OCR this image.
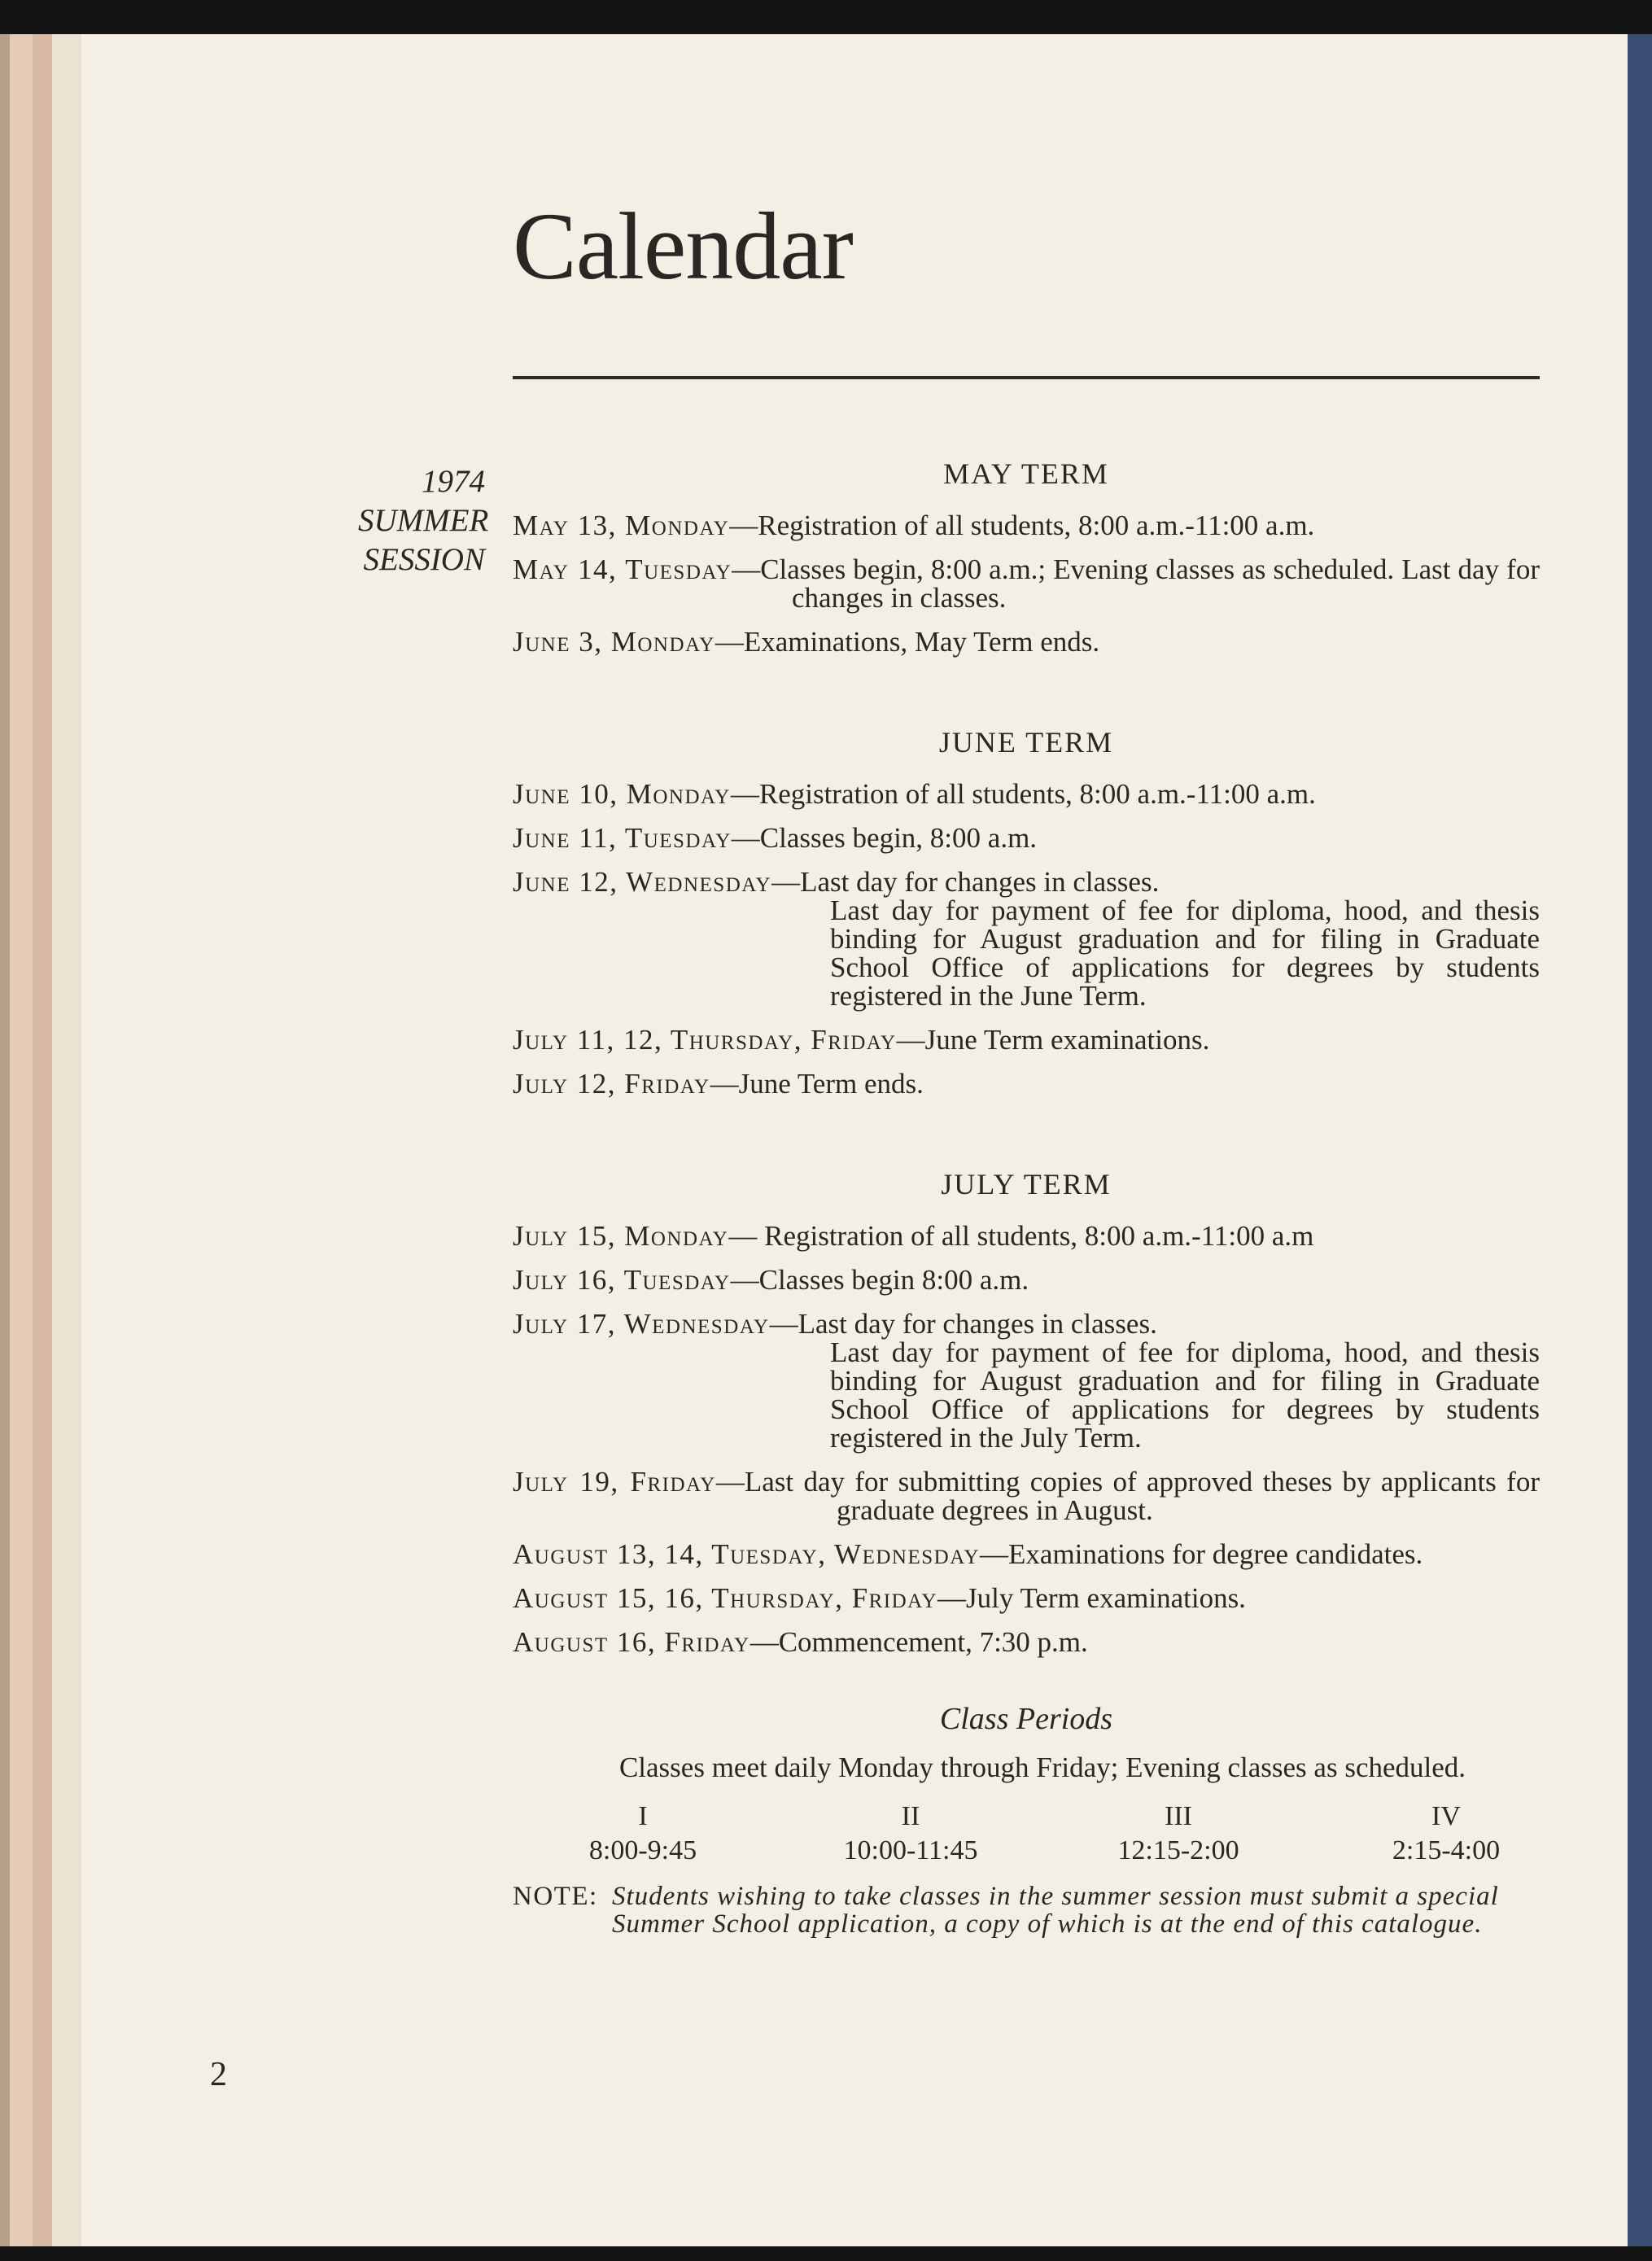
Calendar
1974
SUMMER
SESSION
MAY TERM
May 13, Monday—Registration of all students, 8:00 a.m.-11:00 a.m.
May 14, Tuesday—Classes begin, 8:00 a.m.; Evening classes as scheduled. Last day for changes in classes.
June 3, Monday—Examinations, May Term ends.
JUNE TERM
June 10, Monday—Registration of all students, 8:00 a.m.-11:00 a.m.
June 11, Tuesday—Classes begin, 8:00 a.m.
June 12, Wednesday—Last day for changes in classes.
Last day for payment of fee for diploma, hood, and thesis binding for August graduation and for filing in Graduate School Office of applications for degrees by students registered in the June Term.
July 11, 12, Thursday, Friday—June Term examinations.
July 12, Friday—June Term ends.
JULY TERM
July 15, Monday— Registration of all students, 8:00 a.m.-11:00 a.m
July 16, Tuesday—Classes begin 8:00 a.m.
July 17, Wednesday—Last day for changes in classes.
Last day for payment of fee for diploma, hood, and thesis binding for August graduation and for filing in Graduate School Office of applications for degrees by students registered in the July Term.
July 19, Friday—Last day for submitting copies of approved theses by applicants for graduate degrees in August.
August 13, 14, Tuesday, Wednesday—Examinations for degree candidates.
August 15, 16, Thursday, Friday—July Term examinations.
August 16, Friday—Commencement, 7:30 p.m.
Class Periods
Classes meet daily Monday through Friday; Evening classes as scheduled.
I
8:00-9:45
II
10:00-11:45
III
12:15-2:00
IV
2:15-4:00
NOTE: Students wishing to take classes in the summer session must submit a special Summer School application, a copy of which is at the end of this catalogue.
2
